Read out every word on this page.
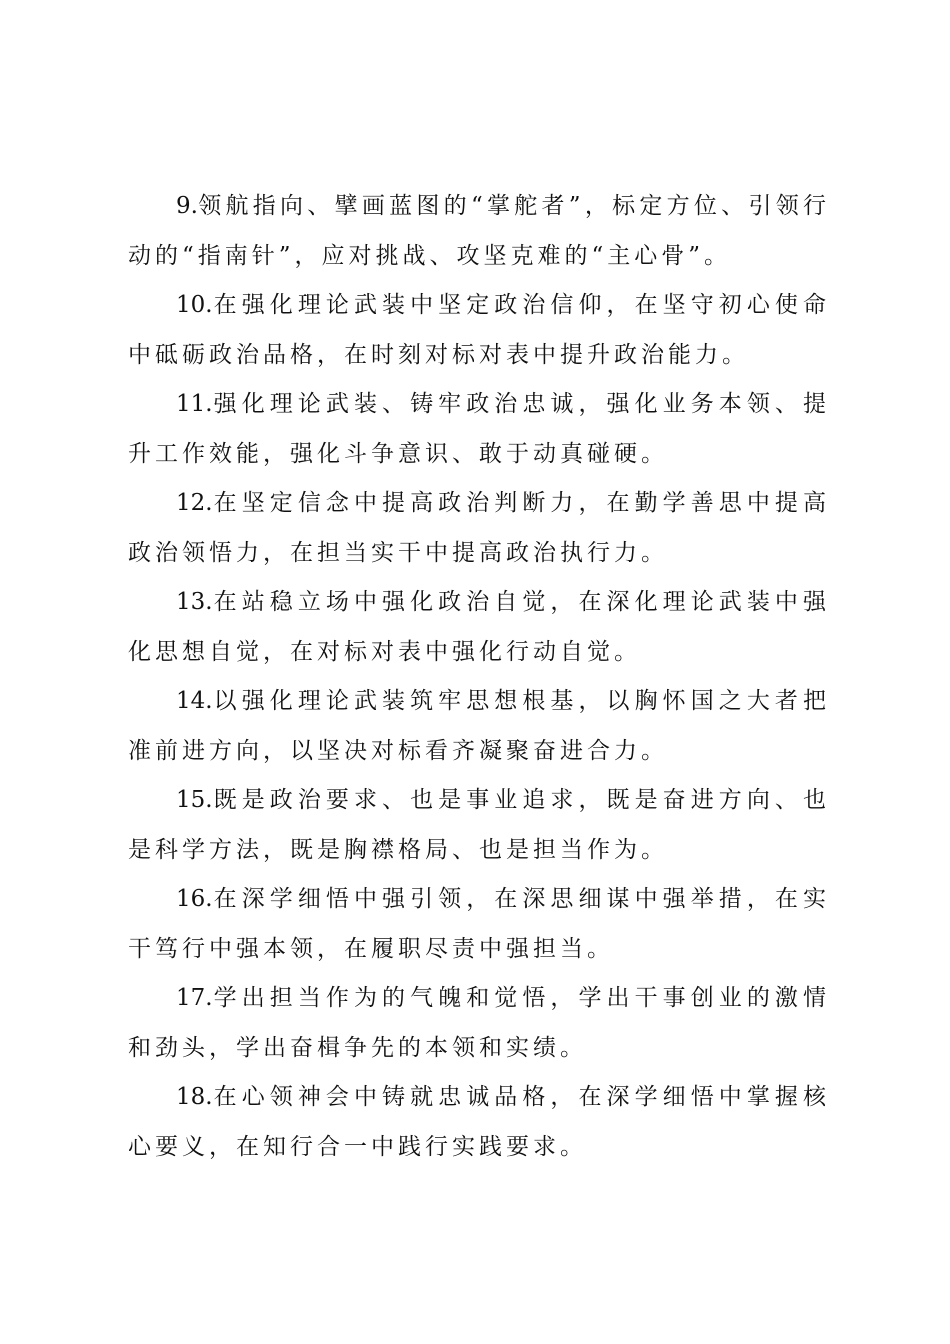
9.领航指向、擘画蓝图的“掌舵者”，标定方位、引领行动的“指南针”，应对挑战、攻坚克难的“主心骨”。

10.在强化理论武装中坚定政治信仰，在坚守初心使命中砥砺政治品格，在时刻对标对表中提升政治能力。

11.强化理论武装、铸牢政治忠诚，强化业务本领、提升工作效能，强化斗争意识、敢于动真碰硬。

12.在坚定信念中提高政治判断力，在勤学善思中提高政治领悟力，在担当实干中提高政治执行力。

13.在站稳立场中强化政治自觉，在深化理论武装中强化思想自觉，在对标对表中强化行动自觉。

14.以强化理论武装筑牢思想根基，以胸怀国之大者把准前进方向，以坚决对标看齐凝聚奋进合力。

15.既是政治要求、也是事业追求，既是奋进方向、也是科学方法，既是胸襟格局、也是担当作为。

16.在深学细悟中强引领，在深思细谋中强举措，在实干笃行中强本领，在履职尽责中强担当。

17.学出担当作为的气魄和觉悟，学出干事创业的激情和劲头，学出奋楫争先的本领和实绩。

18.在心领神会中铸就忠诚品格，在深学细悟中掌握核心要义，在知行合一中践行实践要求。
